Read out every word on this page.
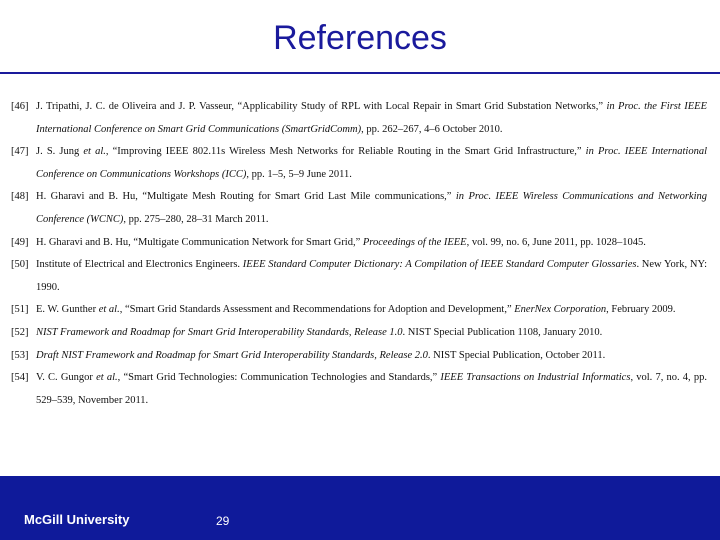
References
[46] J. Tripathi, J. C. de Oliveira and J. P. Vasseur, “Applicability Study of RPL with Local Repair in Smart Grid Substation Networks,” in Proc. the First IEEE International Conference on Smart Grid Communications (SmartGridComm), pp. 262–267, 4–6 October 2010.
[47] J. S. Jung et al., “Improving IEEE 802.11s Wireless Mesh Networks for Reliable Routing in the Smart Grid Infrastructure,” in Proc. IEEE International Conference on Communications Workshops (ICC), pp. 1–5, 5–9 June 2011.
[48] H. Gharavi and B. Hu, “Multigate Mesh Routing for Smart Grid Last Mile communications,” in Proc. IEEE Wireless Communications and Networking Conference (WCNC), pp. 275–280, 28–31 March 2011.
[49] H. Gharavi and B. Hu, “Multigate Communication Network for Smart Grid,” Proceedings of the IEEE, vol. 99, no. 6, June 2011, pp. 1028–1045.
[50] Institute of Electrical and Electronics Engineers. IEEE Standard Computer Dictionary: A Compilation of IEEE Standard Computer Glossaries. New York, NY: 1990.
[51] E. W. Gunther et al., “Smart Grid Standards Assessment and Recommendations for Adoption and Development,” EnerNex Corporation, February 2009.
[52] NIST Framework and Roadmap for Smart Grid Interoperability Standards, Release 1.0. NIST Special Publication 1108, January 2010.
[53] Draft NIST Framework and Roadmap for Smart Grid Interoperability Standards, Release 2.0. NIST Special Publication, October 2011.
[54] V. C. Gungor et al., “Smart Grid Technologies: Communication Technologies and Standards,” IEEE Transactions on Industrial Informatics, vol. 7, no. 4, pp. 529–539, November 2011.
McGill University	29
